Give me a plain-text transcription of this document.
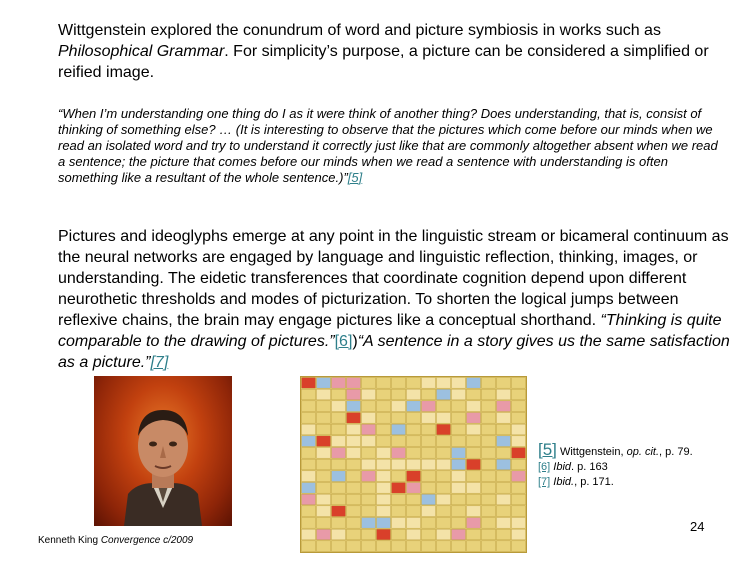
Wittgenstein explored the conundrum of word and picture symbiosis in works such as Philosophical Grammar. For simplicity’s purpose, a picture can be considered a simplified or reified image.
“When I’m understanding one thing do I as it were think of another thing? Does understanding, that is, consist of thinking of something else? … (It is interesting to observe that the pictures which come before our minds when we read an isolated word and try to understand it correctly just like that are commonly altogether absent when we read a sentence; the picture that comes before our minds when we read a sentence with understanding is often something like a resultant of the whole sentence.)”[5]
Pictures and ideoglyphs emerge at any point in the linguistic stream or bicameral continuum as the neural networks are engaged by language and linguistic reflection, thinking, images, or understanding. The eidetic transferences that coordinate cognition depend upon different neurothetic thresholds and modes of picturization. To shorten the logical jumps between reflexive chains, the brain may engage pictures like a conceptual shorthand. “Thinking is quite comparable to the drawing of pictures.”[6])“A sentence in a story gives us the same satisfaction as a picture.”[7]
[5] Wittgenstein, op. cit., p. 79.
[6] Ibid. p. 163
[7] Ibid., p. 171.
Kenneth King Convergence c/2009
24
